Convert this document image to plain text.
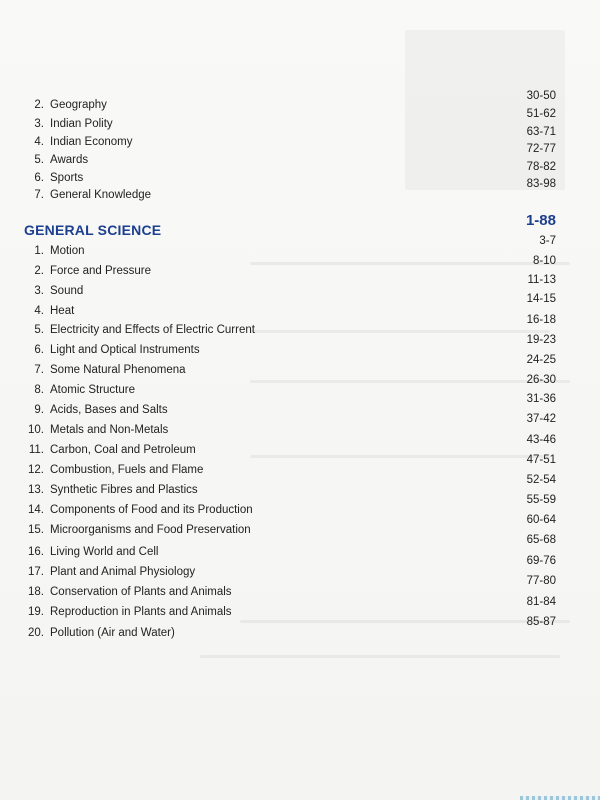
2. Geography
30-50
3. Indian Polity
51-62
4. Indian Economy
63-71
5. Awards
72-77
6. Sports
78-82
7. General Knowledge
83-98
GENERAL SCIENCE
1-88
1. Motion
3-7
2. Force and Pressure
8-10
3. Sound
11-13
4. Heat
14-15
5. Electricity and Effects of Electric Current
16-18
6. Light and Optical Instruments
19-23
7. Some Natural Phenomena
24-25
8. Atomic Structure
26-30
9. Acids, Bases and Salts
31-36
10. Metals and Non-Metals
37-42
11. Carbon, Coal and Petroleum
43-46
12. Combustion, Fuels and Flame
47-51
13. Synthetic Fibres and Plastics
52-54
14. Components of Food and its Production
55-59
15. Microorganisms and Food Preservation
60-64
16. Living World and Cell
65-68
17. Plant and Animal Physiology
69-76
18. Conservation of Plants and Animals
77-80
19. Reproduction in Plants and Animals
81-84
20. Pollution (Air and Water)
85-87
